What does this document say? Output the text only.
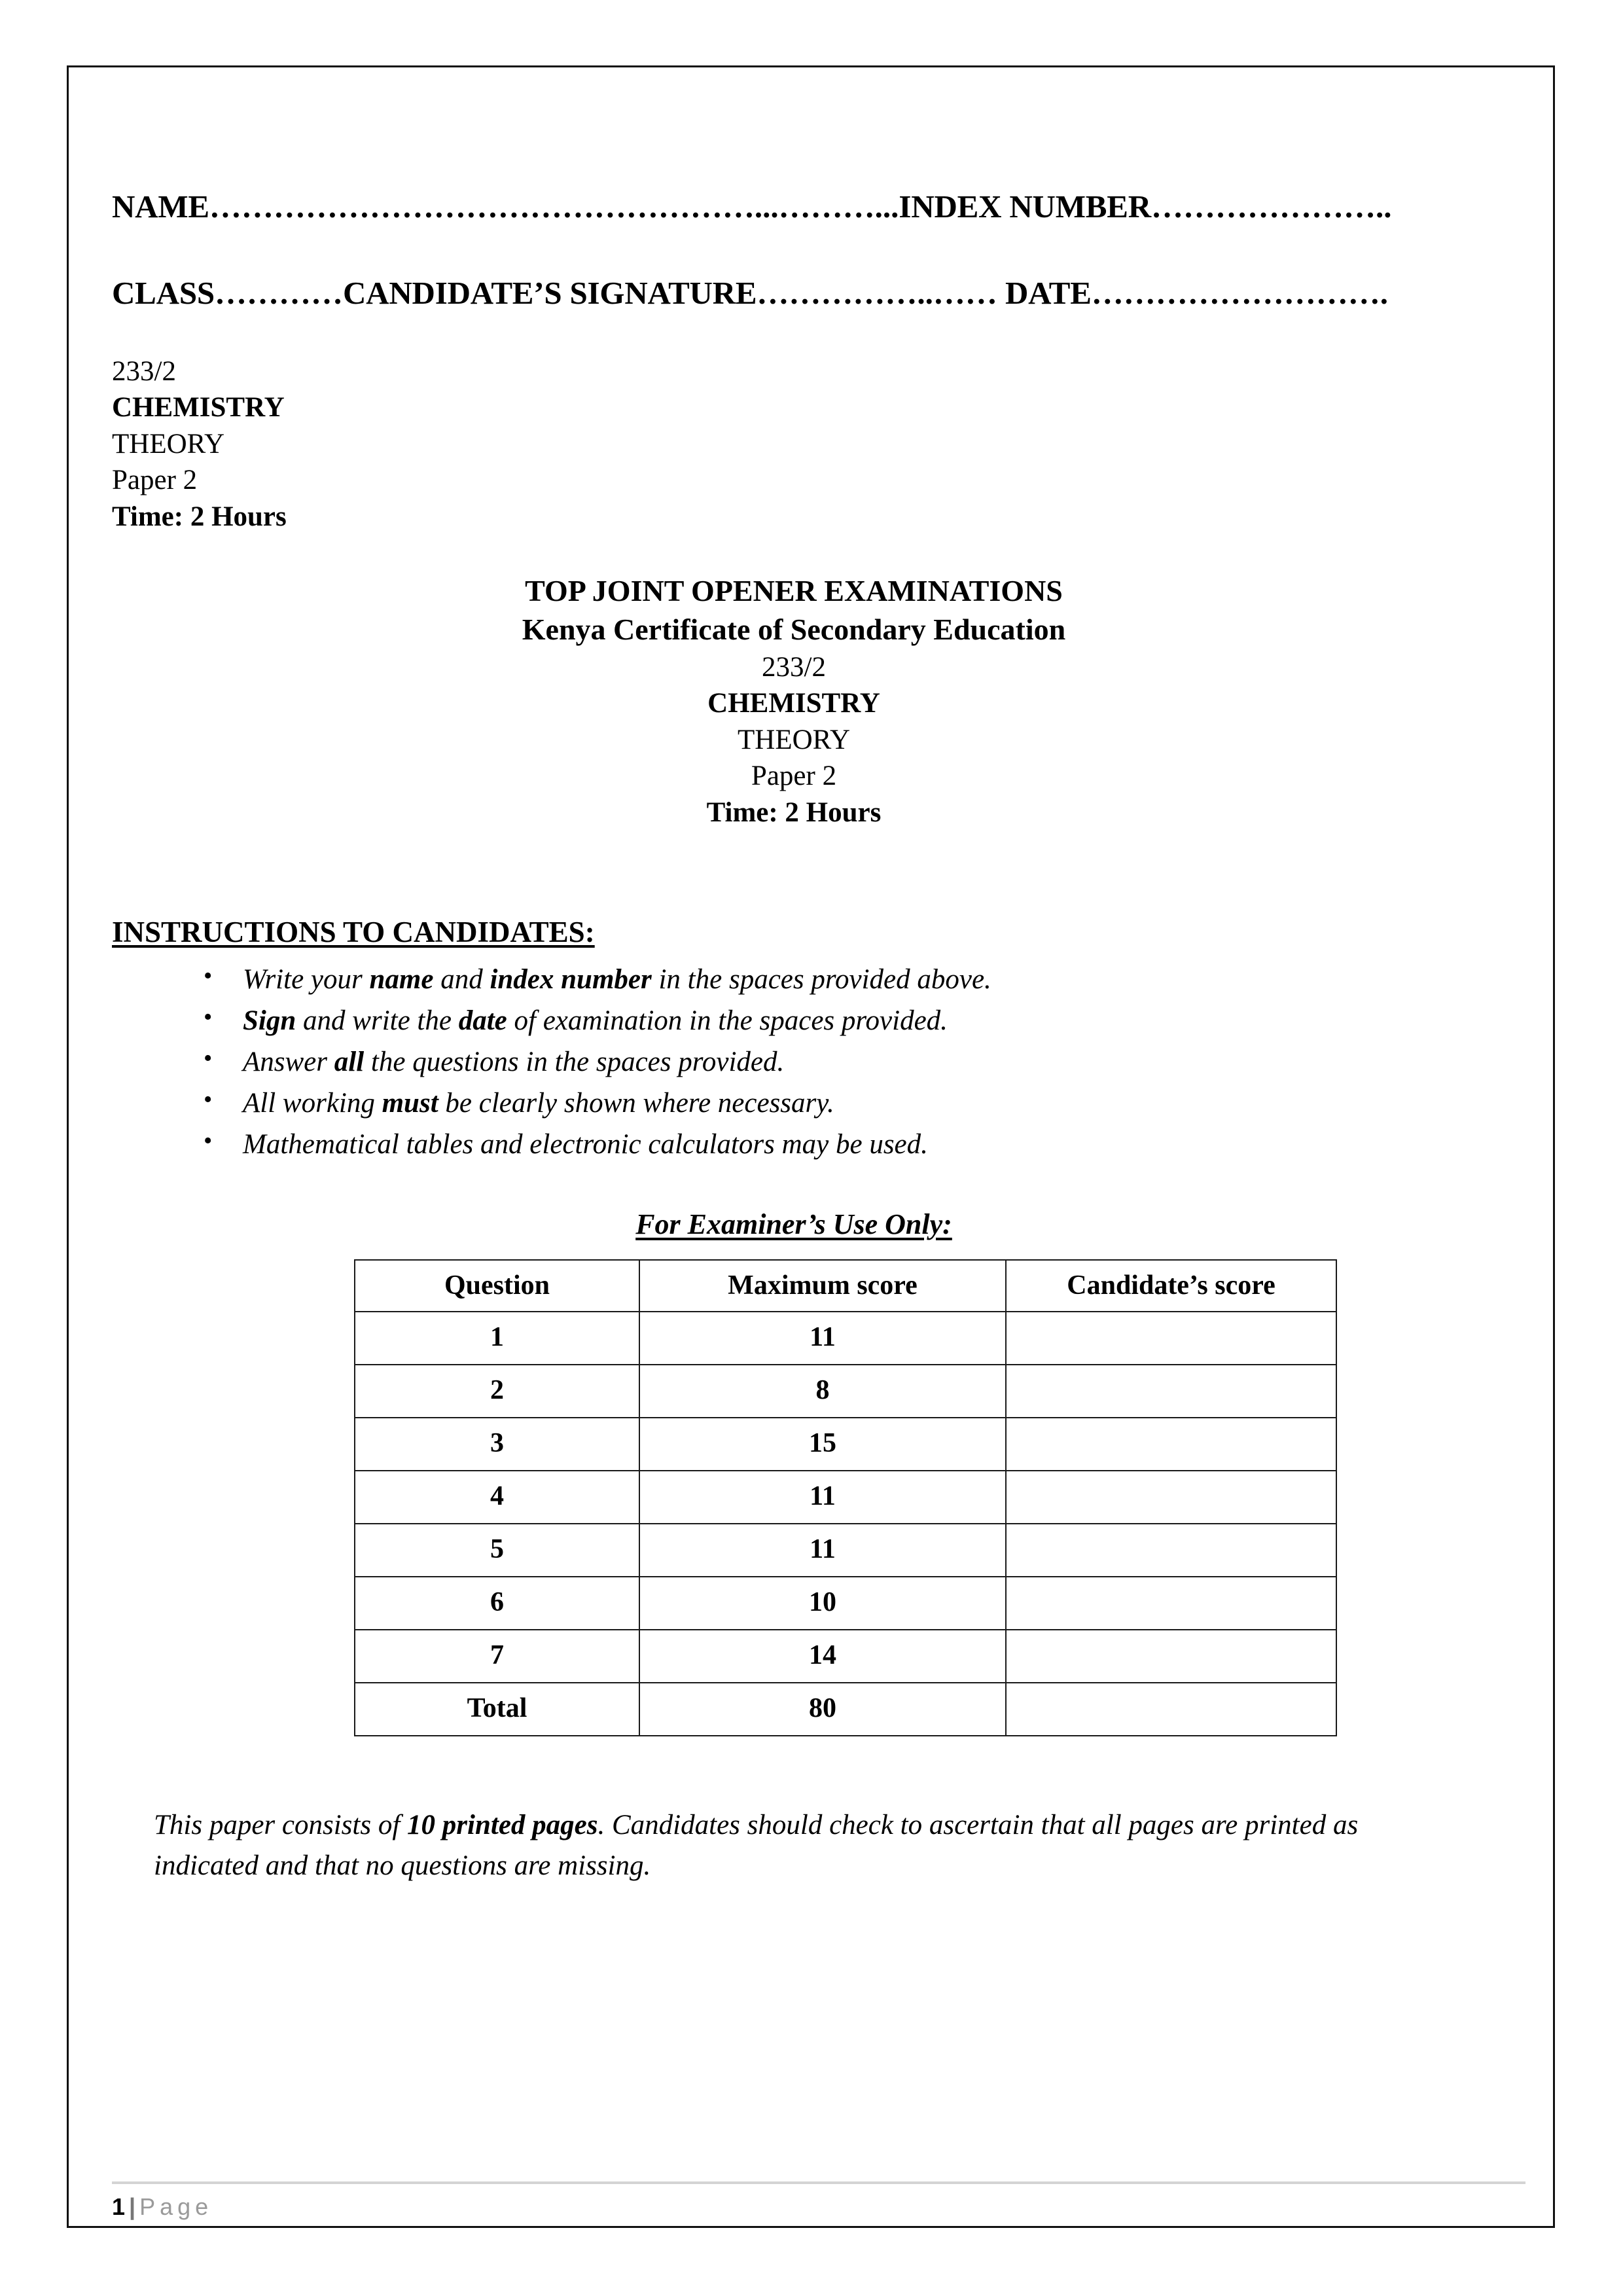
NAME……………………………………………...………...INDEX NUMBER…………………..
CLASS…………CANDIDATE’S SIGNATURE……………..…… DATE……………………….
233/2
CHEMISTRY
THEORY
Paper 2
Time: 2 Hours
TOP JOINT OPENER EXAMINATIONS
Kenya Certificate of Secondary Education
233/2
CHEMISTRY
THEORY
Paper 2
Time: 2 Hours
INSTRUCTIONS TO CANDIDATES:
• Write your name and index number in the spaces provided above.
• Sign and write the date of examination in the spaces provided.
• Answer all the questions in the spaces provided.
• All working must be clearly shown where necessary.
• Mathematical tables and electronic calculators may be used.
For Examiner’s Use Only:
Question	Maximum score	Candidate’s score
1	11	
2	8	
3	15	
4	11	
5	11	
6	10	
7	14	
Total	80	
This paper consists of 10 printed pages. Candidates should check to ascertain that all pages are printed as indicated and that no questions are missing.
1 | Page
